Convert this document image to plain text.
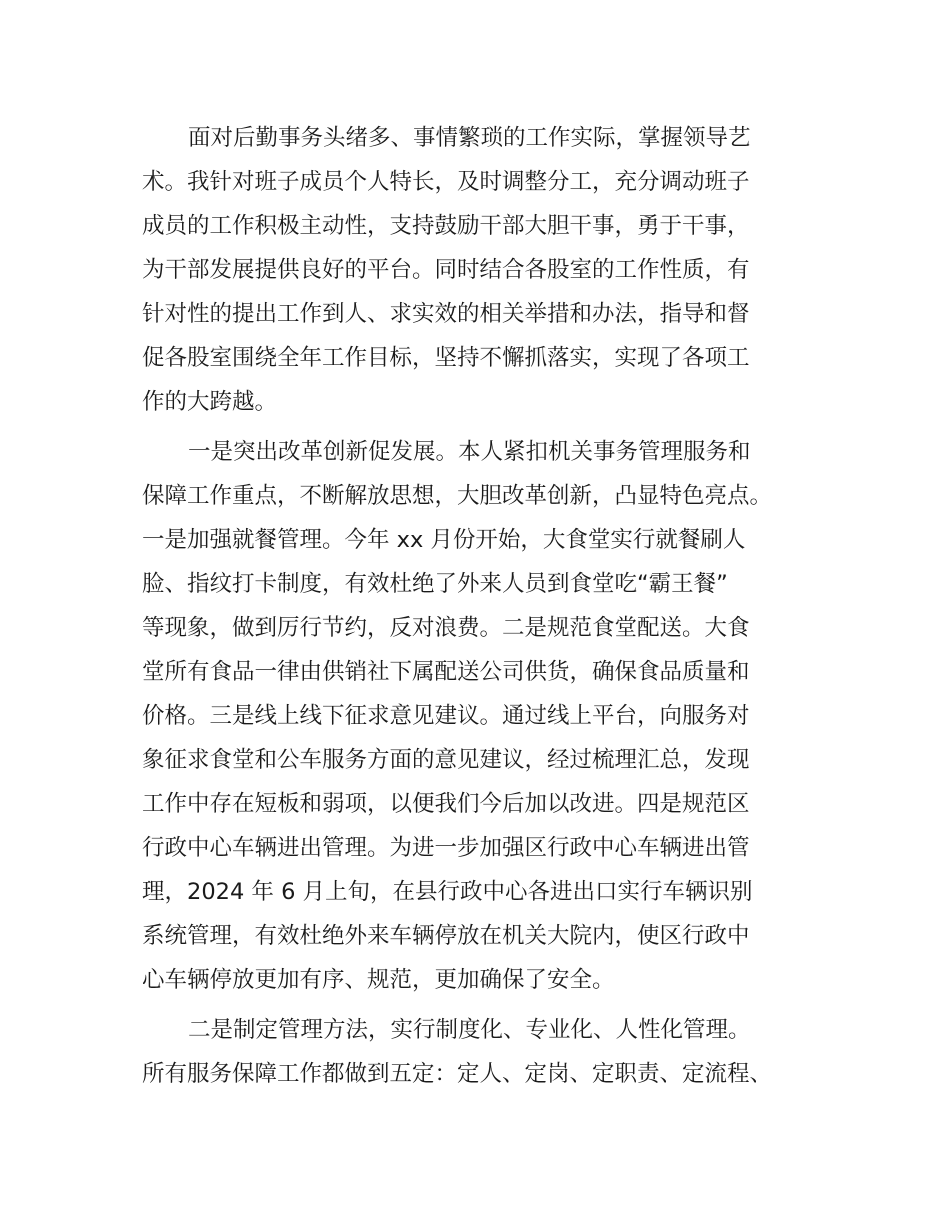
面对后勤事务头绪多、事情繁琐的工作实际，掌握领导艺
术。我针对班子成员个人特长，及时调整分工，充分调动班子
成员的工作积极主动性，支持鼓励干部大胆干事，勇于干事，
为干部发展提供良好的平台。同时结合各股室的工作性质，有
针对性的提出工作到人、求实效的相关举措和办法，指导和督
促各股室围绕全年工作目标，坚持不懈抓落实，实现了各项工
作的大跨越。
一是突出改革创新促发展。本人紧扣机关事务管理服务和
保障工作重点，不断解放思想，大胆改革创新，凸显特色亮点。
一是加强就餐管理。今年 xx 月份开始，大食堂实行就餐刷人
脸、指纹打卡制度，有效杜绝了外来人员到食堂吃“霸王餐”
等现象，做到厉行节约，反对浪费。二是规范食堂配送。大食
堂所有食品一律由供销社下属配送公司供货，确保食品质量和
价格。三是线上线下征求意见建议。通过线上平台，向服务对
象征求食堂和公车服务方面的意见建议，经过梳理汇总，发现
工作中存在短板和弱项，以便我们今后加以改进。四是规范区
行政中心车辆进出管理。为进一步加强区行政中心车辆进出管
理，2024 年 6 月上旬，在县行政中心各进出口实行车辆识别
系统管理，有效杜绝外来车辆停放在机关大院内，使区行政中
心车辆停放更加有序、规范，更加确保了安全。
二是制定管理方法，实行制度化、专业化、人性化管理。
所有服务保障工作都做到五定：定人、定岗、定职责、定流程、
